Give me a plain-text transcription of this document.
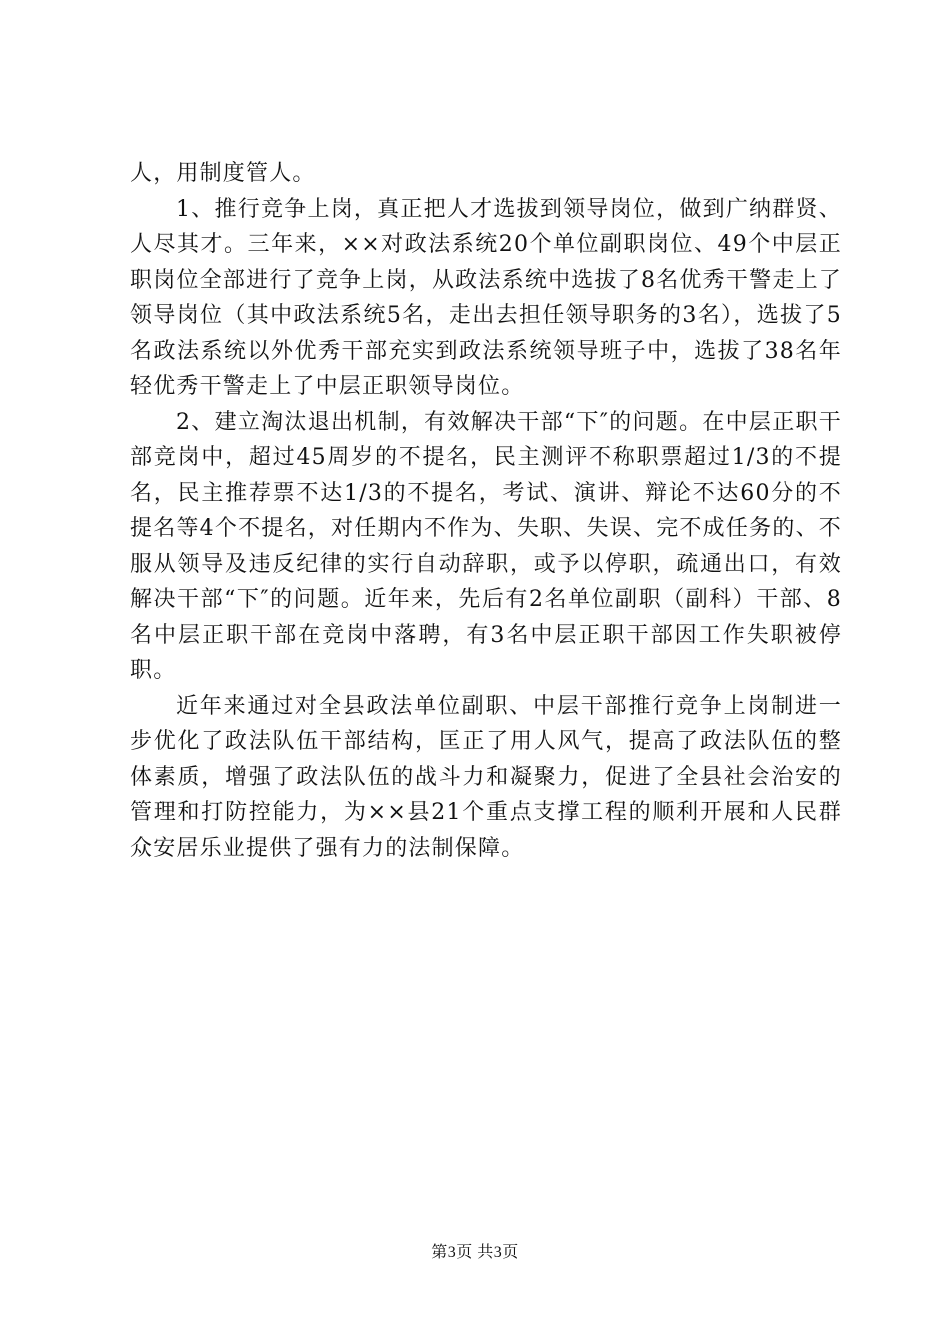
人，用制度管人。

1、推行竞争上岗，真正把人才选拔到领导岗位，做到广纳群贤、人尽其才。三年来，××对政法系统20个单位副职岗位、49个中层正职岗位全部进行了竞争上岗，从政法系统中选拔了8名优秀干警走上了领导岗位（其中政法系统5名，走出去担任领导职务的3名），选拔了5名政法系统以外优秀干部充实到政法系统领导班子中，选拔了38名年轻优秀干警走上了中层正职领导岗位。

2、建立淘汰退出机制，有效解决干部“下″的问题。在中层正职干部竞岗中，超过45周岁的不提名，民主测评不称职票超过1/3的不提名，民主推荐票不达1/3的不提名，考试、演讲、辩论不达60分的不提名等4个不提名，对任期内不作为、失职、失误、完不成任务的、不服从领导及违反纪律的实行自动辞职，或予以停职，疏通出口，有效解决干部“下″的问题。近年来，先后有2名单位副职（副科）干部、8名中层正职干部在竞岗中落聘，有3名中层正职干部因工作失职被停职。

近年来通过对全县政法单位副职、中层干部推行竞争上岗制进一步优化了政法队伍干部结构，匡正了用人风气，提高了政法队伍的整体素质，增强了政法队伍的战斗力和凝聚力，促进了全县社会治安的管理和打防控能力，为××县21个重点支撑工程的顺利开展和人民群众安居乐业提供了强有力的法制保障。

第3页 共3页
